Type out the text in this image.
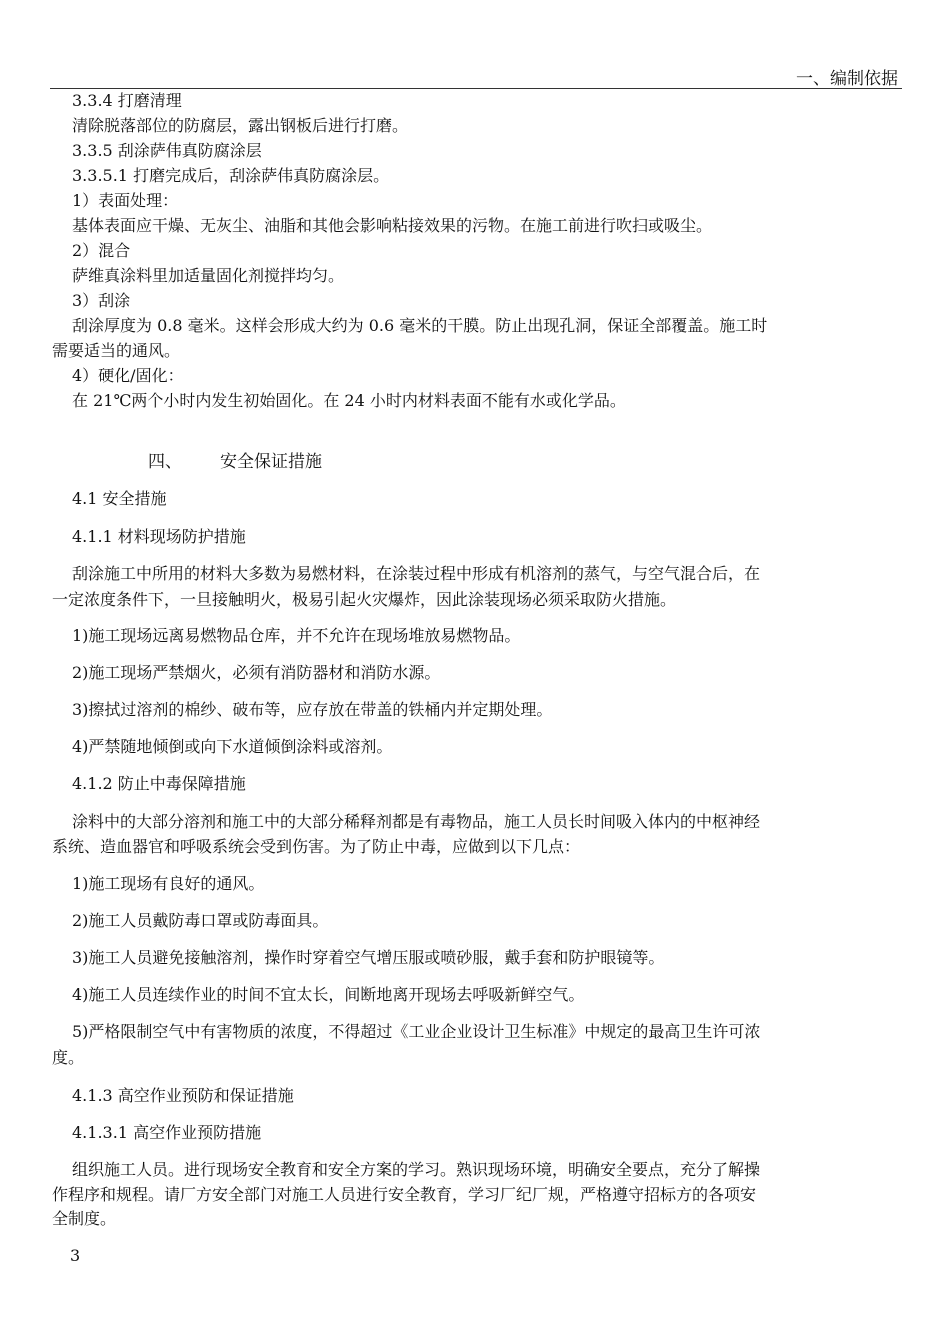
一、编制依据
3.3.4 打磨清理
清除脱落部位的防腐层，露出钢板后进行打磨。
3.3.5 刮涂萨伟真防腐涂层
3.3.5.1 打磨完成后，刮涂萨伟真防腐涂层。
1）表面处理：
基体表面应干燥、无灰尘、油脂和其他会影响粘接效果的污物。在施工前进行吹扫或吸尘。
2）混合
萨维真涂料里加适量固化剂搅拌均匀。
3）刮涂
刮涂厚度为 0.8 毫米。这样会形成大约为 0.6 毫米的干膜。防止出现孔洞，保证全部覆盖。施工时
需要适当的通风。
4）硬化/固化：
在 21℃两个小时内发生初始固化。在 24 小时内材料表面不能有水或化学品。
四、 安全保证措施
4.1 安全措施
4.1.1 材料现场防护措施
刮涂施工中所用的材料大多数为易燃材料，在涂装过程中形成有机溶剂的蒸气，与空气混合后，在
一定浓度条件下，一旦接触明火，极易引起火灾爆炸，因此涂装现场必须采取防火措施。
1)施工现场远离易燃物品仓库，并不允许在现场堆放易燃物品。
2)施工现场严禁烟火，必须有消防器材和消防水源。
3)擦拭过溶剂的棉纱、破布等，应存放在带盖的铁桶内并定期处理。
4)严禁随地倾倒或向下水道倾倒涂料或溶剂。
4.1.2 防止中毒保障措施
涂料中的大部分溶剂和施工中的大部分稀释剂都是有毒物品，施工人员长时间吸入体内的中枢神经
系统、造血器官和呼吸系统会受到伤害。为了防止中毒，应做到以下几点：
1)施工现场有良好的通风。
2)施工人员戴防毒口罩或防毒面具。
3)施工人员避免接触溶剂，操作时穿着空气增压服或喷砂服，戴手套和防护眼镜等。
4)施工人员连续作业的时间不宜太长，间断地离开现场去呼吸新鲜空气。
5)严格限制空气中有害物质的浓度，不得超过《工业企业设计卫生标准》中规定的最高卫生许可浓
度。
4.1.3 高空作业预防和保证措施
4.1.3.1 高空作业预防措施
组织施工人员。进行现场安全教育和安全方案的学习。熟识现场环境，明确安全要点，充分了解操
作程序和规程。请厂方安全部门对施工人员进行安全教育，学习厂纪厂规，严格遵守招标方的各项安
全制度。
3
